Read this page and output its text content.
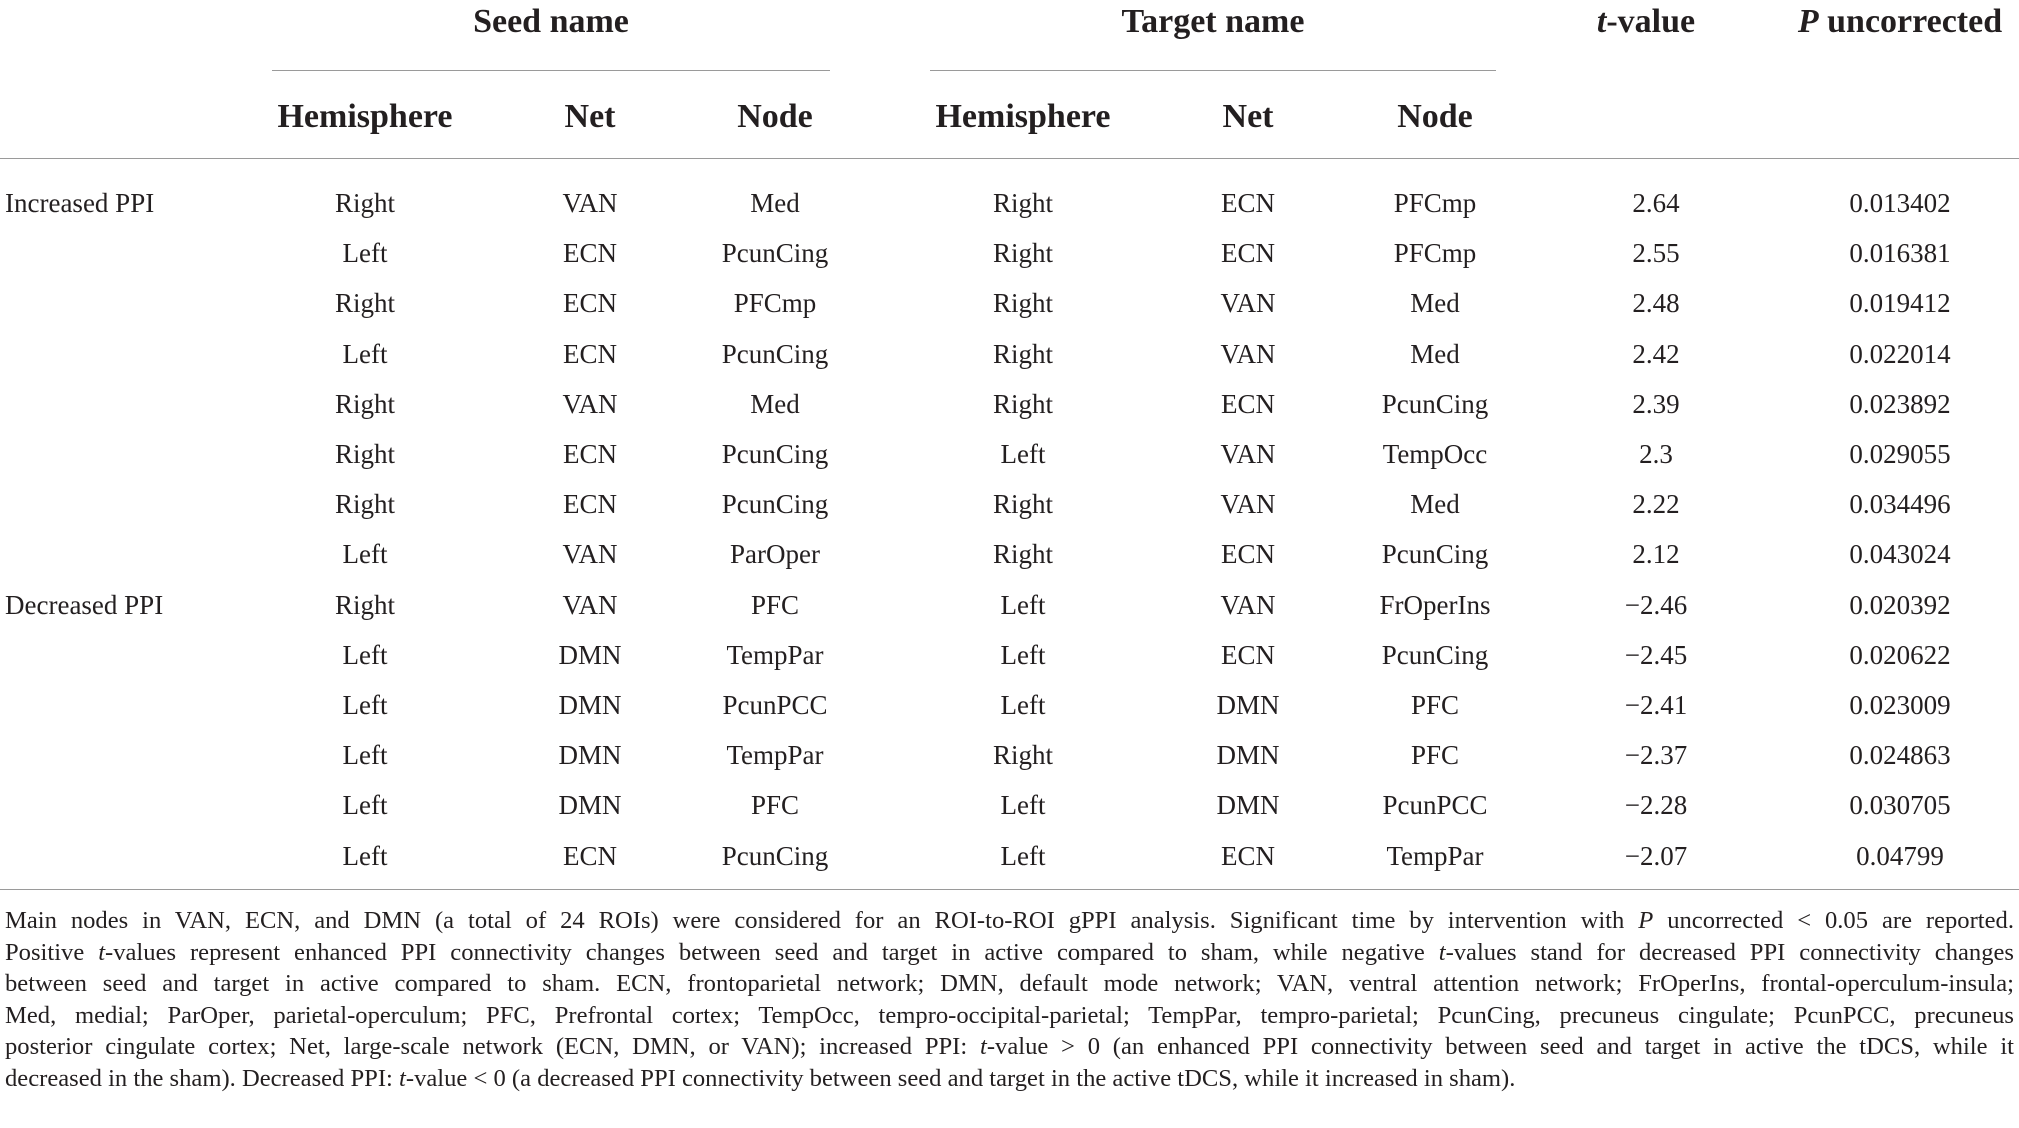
Seed name	Target name	t-value	P uncorrected
Hemisphere	Net	Node	Hemisphere	Net	Node
Increased PPI	Right	VAN	Med	Right	ECN	PFCmp	2.64	0.013402
Left	ECN	PcunCing	Right	ECN	PFCmp	2.55	0.016381
Right	ECN	PFCmp	Right	VAN	Med	2.48	0.019412
Left	ECN	PcunCing	Right	VAN	Med	2.42	0.022014
Right	VAN	Med	Right	ECN	PcunCing	2.39	0.023892
Right	ECN	PcunCing	Left	VAN	TempOcc	2.3	0.029055
Right	ECN	PcunCing	Right	VAN	Med	2.22	0.034496
Left	VAN	ParOper	Right	ECN	PcunCing	2.12	0.043024
Decreased PPI	Right	VAN	PFC	Left	VAN	FrOperIns	−2.46	0.020392
Left	DMN	TempPar	Left	ECN	PcunCing	−2.45	0.020622
Left	DMN	PcunPCC	Left	DMN	PFC	−2.41	0.023009
Left	DMN	TempPar	Right	DMN	PFC	−2.37	0.024863
Left	DMN	PFC	Left	DMN	PcunPCC	−2.28	0.030705
Left	ECN	PcunCing	Left	ECN	TempPar	−2.07	0.04799
Main nodes in VAN, ECN, and DMN (a total of 24 ROIs) were considered for an ROI-to-ROI gPPI analysis. Significant time by intervention with P uncorrected < 0.05 are reported.
Positive t-values represent enhanced PPI connectivity changes between seed and target in active compared to sham, while negative t-values stand for decreased PPI connectivity changes
between seed and target in active compared to sham. ECN, frontoparietal network; DMN, default mode network; VAN, ventral attention network; FrOperIns, frontal-operculum-insula;
Med, medial; ParOper, parietal-operculum; PFC, Prefrontal cortex; TempOcc, tempro-occipital-parietal; TempPar, tempro-parietal; PcunCing, precuneus cingulate; PcunPCC, precuneus
posterior cingulate cortex; Net, large-scale network (ECN, DMN, or VAN); increased PPI: t-value > 0 (an enhanced PPI connectivity between seed and target in active the tDCS, while it
decreased in the sham). Decreased PPI: t-value < 0 (a decreased PPI connectivity between seed and target in the active tDCS, while it increased in sham).
